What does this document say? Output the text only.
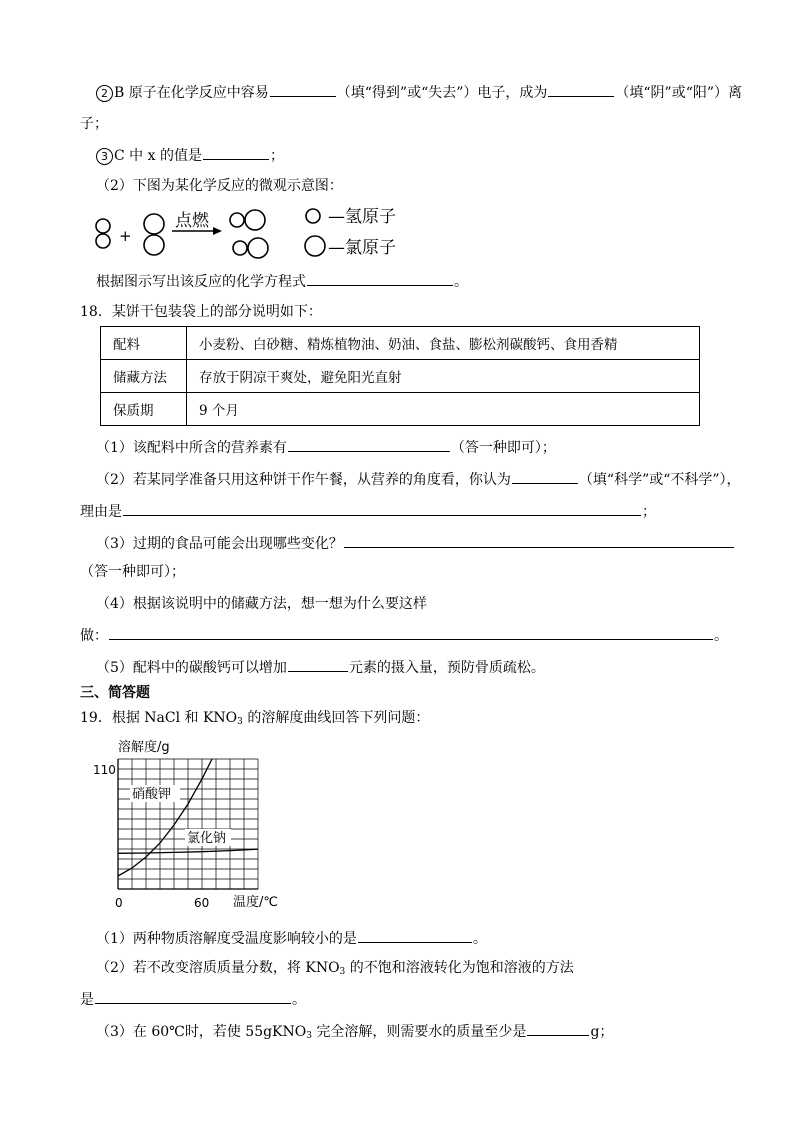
2 B 原子在化学反应中容易	（填“得到”或“失去”）电子，成为	（填“阴”或“阳”）离
子；
3 C 中 x 的值是	；
（2）下图为某化学反应的微观示意图：
+
点燃	—氢原子
—氯原子
根据图示写出该反应的化学方程式	。
18．某饼干包装袋上的部分说明如下：
配料	小麦粉、白砂糖、精炼植物油、奶油、食盐、膨松剂碳酸钙、食用香精
储藏方法	存放于阴凉干爽处，避免阳光直射
保质期	9 个月
（1）该配料中所含的营养素有	（答一种即可）；
（2）若某同学准备只用这种饼干作午餐，从营养的角度看，你认为	（填“科学”或“不科学”），
理由是	；
（3）过期的食品可能会出现哪些变化？
（答一种即可）；
（4）根据该说明中的储藏方法，想一想为什么要这样
做：	。
（5）配料中的碳酸钙可以增加	元素的摄入量，预防骨质疏松。
三、简答题
19．根据 NaCl 和 $KNO_3$ 的溶解度曲线回答下列问题：
硝酸钾
氯化钠
溶解度/g
110
0	60 温度/℃
（1）两种物质溶解度受温度影响较小的是	。
（2）若不改变溶质质量分数，将 $KNO_3$ 的不饱和溶液转化为饱和溶液的方法
是	。
（3）在 60℃时，若使 55gKNO$_3$ 完全溶解，则需要水的质量至少是	g；
